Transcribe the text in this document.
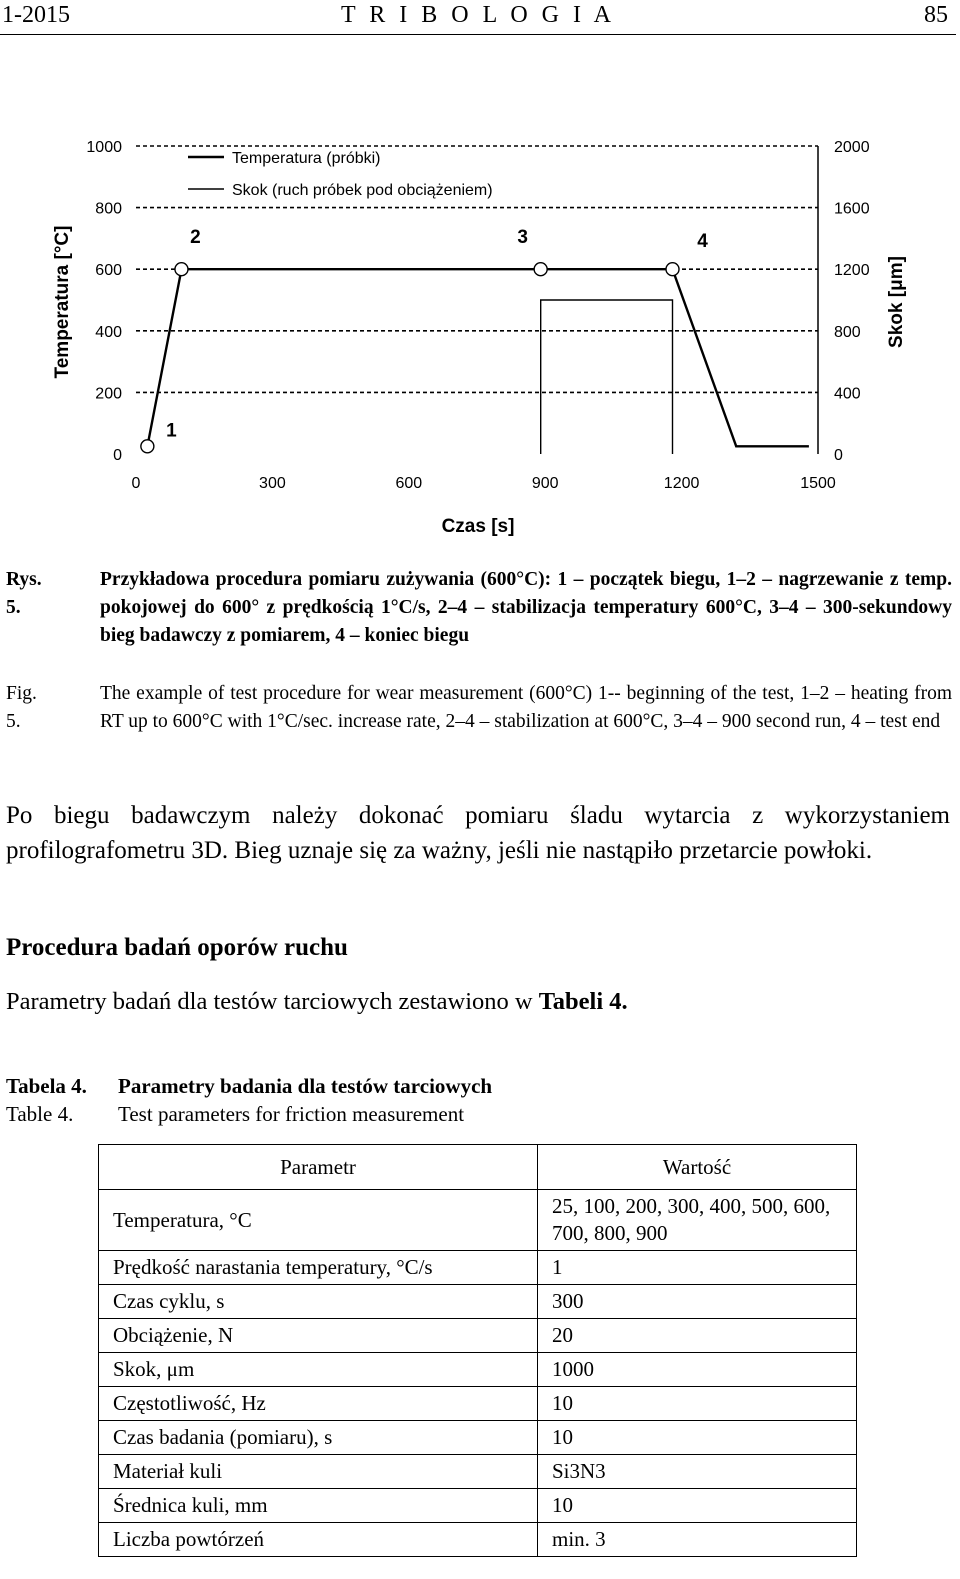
1-2015	T R I B O L O G I A	85
0
200
400
600
800
1000
0
400
800
1200
1600
2000
0	300	600	900	1200	1500
1
2	3	4
Temperatura (próbki)
Skok (ruch próbek pod obciążeniem)
Temperatura [°C]	Skok [μm]
Czas [s]
Rys. 5.
Przykładowa procedura pomiaru zużywania (600°C): 1 – początek biegu, 1–2 – nagrzewanie z temp. pokojowej do 600° z prędkością 1°C/s, 2–4 – stabilizacja temperatury 600°C, 3–4 – 300-sekundowy bieg badawczy z pomiarem, 4 – koniec biegu
Fig. 5.
The example of test procedure for wear measurement (600°C) 1-- beginning of the test, 1–2 – heating from RT up to 600°C with 1°C/sec. increase rate, 2–4 – stabilization at 600°C, 3–4 – 900 second run, 4 – test end
Po biegu badawczym należy dokonać pomiaru śladu wytarcia z wykorzystaniem profilografometru 3D. Bieg uznaje się za ważny, jeśli nie nastąpiło przetarcie powłoki.
Procedura badań oporów ruchu
Parametry badań dla testów tarciowych zestawiono w Tabeli 4.
Tabela 4. Parametry badania dla testów tarciowych
Table 4. Test parameters for friction measurement
Parametr	Wartość
Temperatura, °C	25, 100, 200, 300, 400, 500, 600, 700, 800, 900
Prędkość narastania temperatury, °C/s	1
Czas cyklu, s	300
Obciążenie, N	20
Skok, μm	1000
Częstotliwość, Hz	10
Czas badania (pomiaru), s	10
Materiał kuli	Si3N3
Średnica kuli, mm	10
Liczba powtórzeń	min. 3
